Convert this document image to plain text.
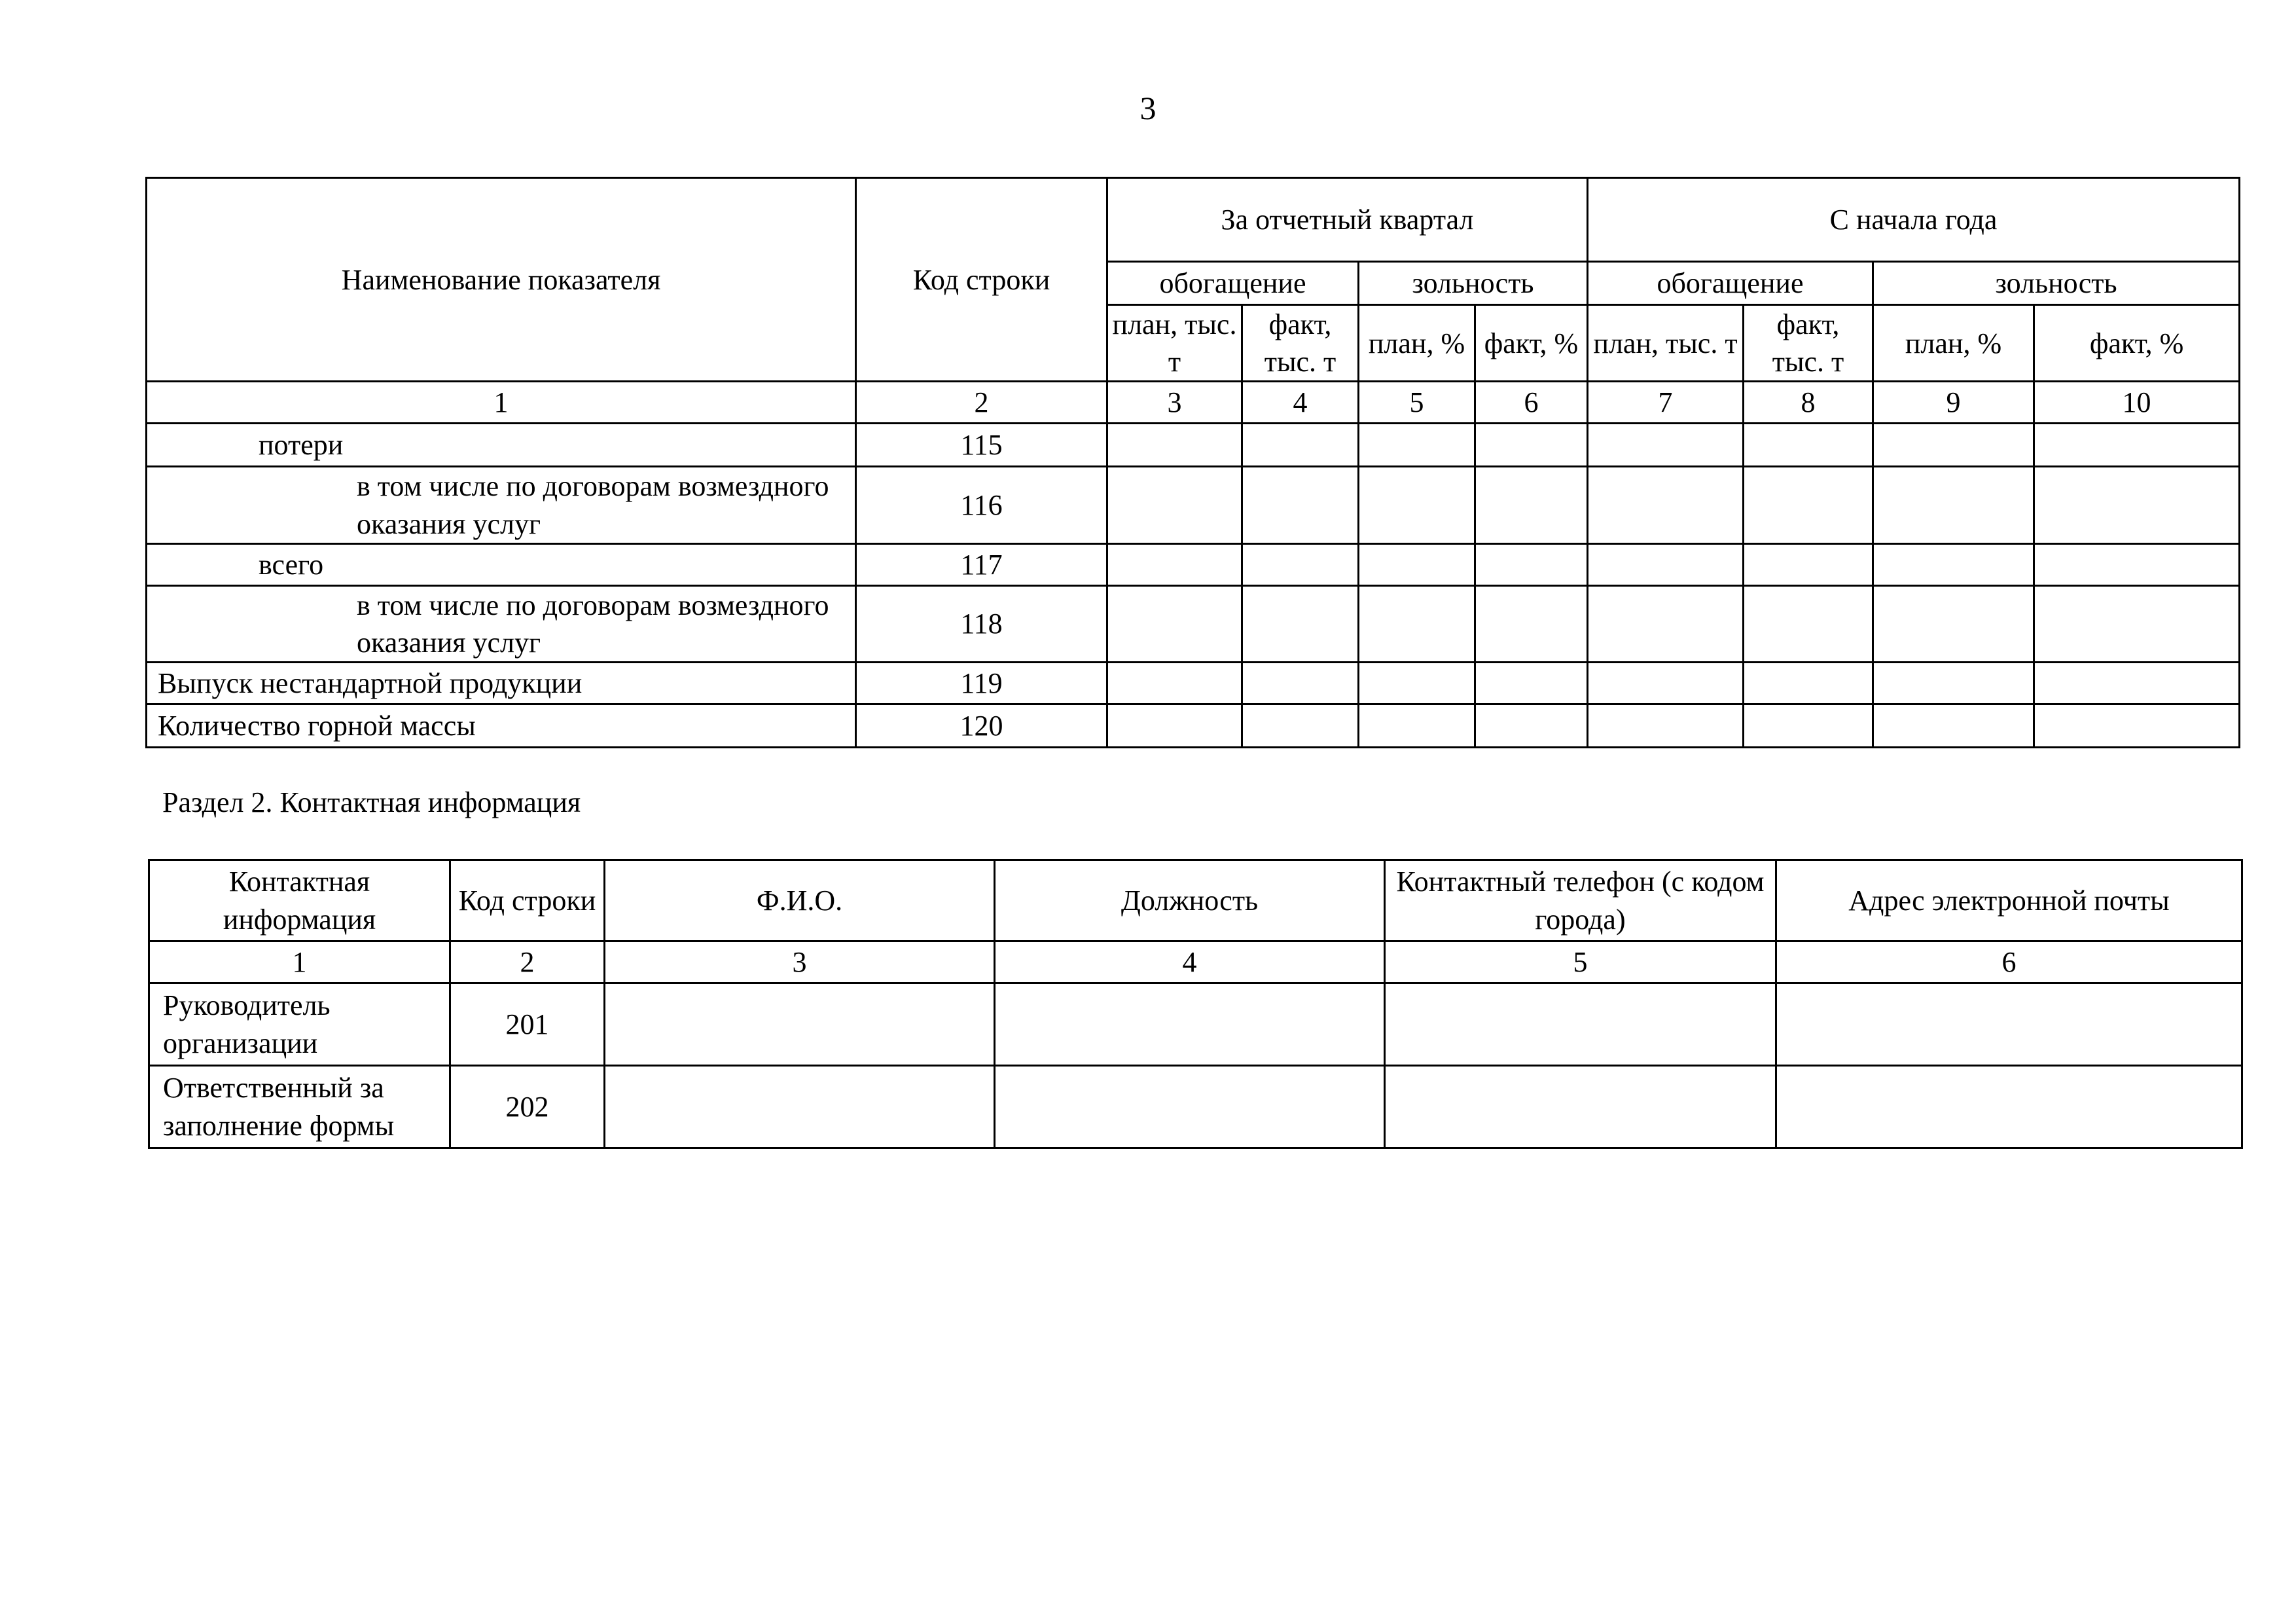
3
Наименование показателя	Код строки	За отчетный квартал				С начала года			
		обогащение		зольность		обогащение		зольность	
		план, тыс. т	факт, тыс. т	план, %	факт, %	план, тыс. т	факт, тыс. т	план, %	факт, %
1	2	3	4	5	6	7	8	9	10
потери	115								
в том числе по договорам возмездного оказания услуг	116								
всего	117								
в том числе по договорам возмездного оказания услуг	118								
Выпуск нестандартной продукции	119								
Количество горной массы	120								
Раздел 2. Контактная информация
Контактная информация	Код строки	Ф.И.О.	Должность	Контактный телефон (с кодом города)	Адрес электронной почты
1	2	3	4	5	6
Руководитель организации	201				
Ответственный за заполнение формы	202				
